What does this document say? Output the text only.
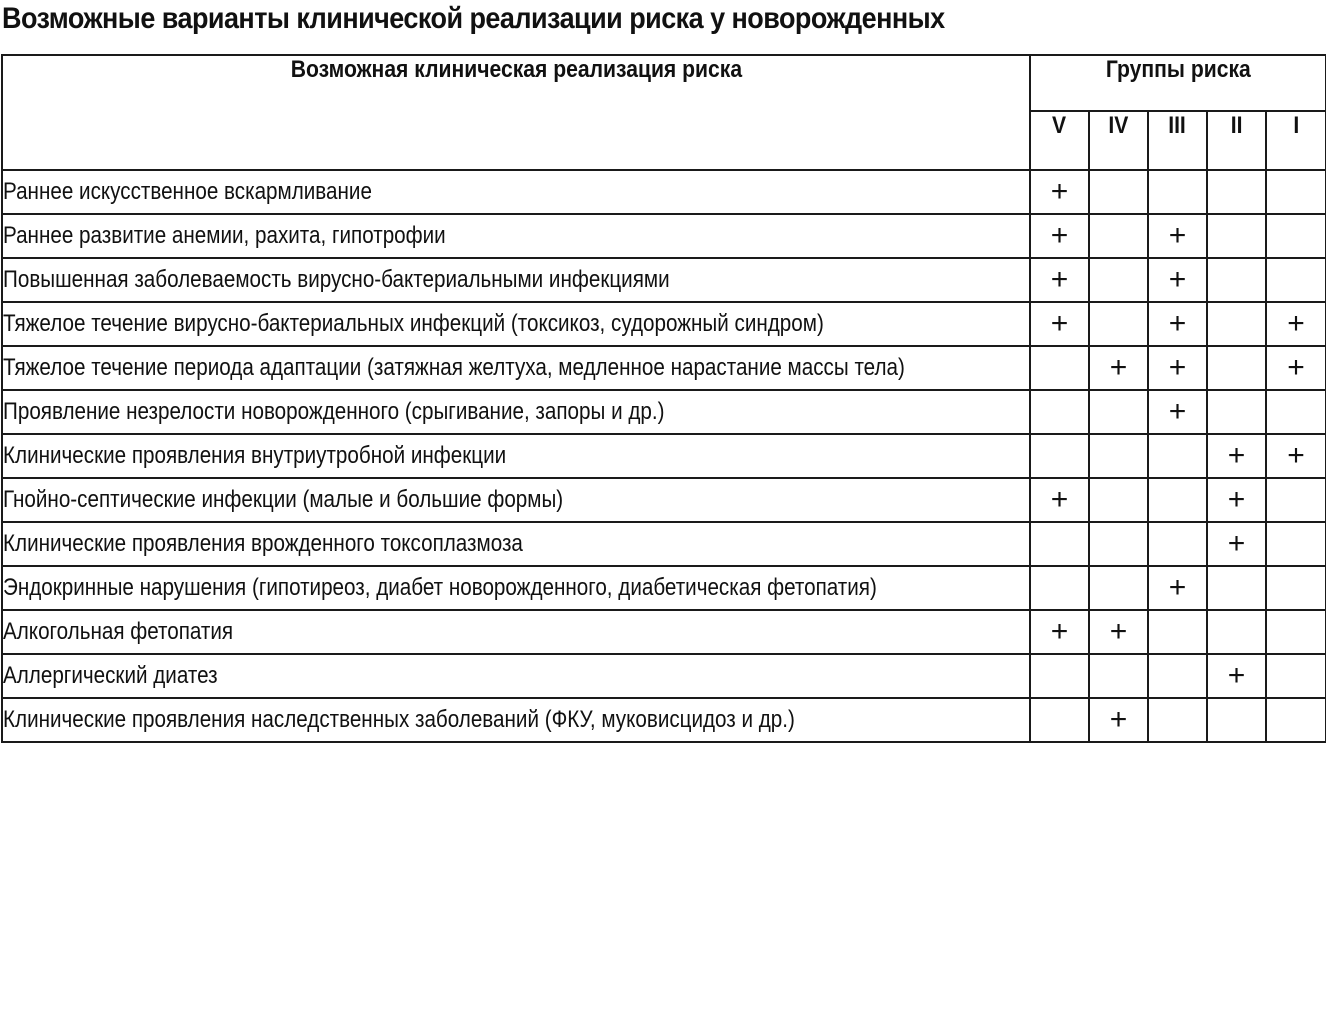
Возможные варианты клинической реализации риска у новорожденных
Возможная клиническая реализация риска	Группы риска				
	V	IV	III	II	I
Раннее искусственное вскармливание	+				
Раннее развитие анемии, рахита, гипотрофии	+		+		
Повышенная заболеваемость вирусно-бактериальными инфекциями	+		+		
Тяжелое течение вирусно-бактериальных инфекций (токсикоз, судорожный синдром)	+		+		+
Тяжелое течение периода адаптации (затяжная желтуха, медленное нарастание массы тела)		+	+		+
Проявление незрелости новорожденного (срыгивание, запоры и др.)			+		
Клинические проявления внутриутробной инфекции				+	+
Гнойно-септические инфекции (малые и большие формы)	+			+	
Клинические проявления врожденного токсоплазмоза				+	
Эндокринные нарушения (гипотиреоз, диабет новорожденного, диабетическая фетопатия)			+		
Алкогольная фетопатия	+	+			
Аллергический диатез				+	
Клинические проявления наследственных заболеваний (ФКУ, муковисцидоз и др.)		+			
